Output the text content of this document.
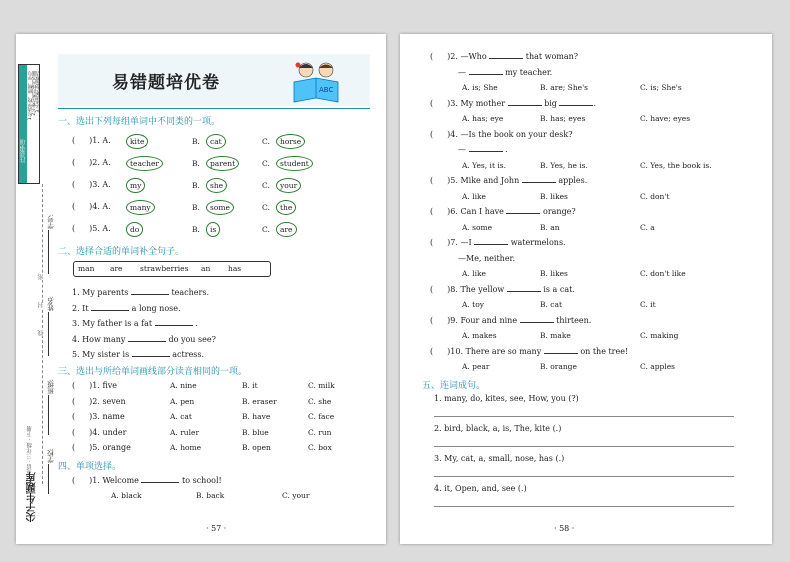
注意事项
1.写清学校、班级、学号 2.不要在密封线内答题 3.字迹清楚,卷面整洁
密
封
线
学号:
姓名:
班级:
学校:
英语 · 三年级 · 下册
尖子生题库
易错题培优卷	ABC
一、选出下列每组单词中不同类的一项。
二、选择合适的单词补全句子。
man are strawberries an has
三、选出与所给单词画线部分读音相同的一项。
四、单项选择。
( )1. Welcome	to school!
A. black	B. back	C. your
· 57 ·
( )1. A.	kite	B.	cat	C.	horse
( )2. A.	teacher	B.	parent	C.	student
( )3. A.	my	B.	she	C.	your
( )4. A.	many	B.	some	C.	the
( )5. A.	do	B.	is	C.	are
1. My parents	teachers.
2. It	a long nose.
3. My father is a fat	.
4. How many	do you see?
5. My sister is	actress.
( )1. five	A. nine	B. it	C. milk
( )2. seven	A. pen	B. eraser	C. she
( )3. name	A. cat	B. have	C. face
( )4. under	A. ruler	B. blue	C. run
( )5. orange	A. home	B. open	C. box
五、连词成句。
· 58 ·
( )2. —Who	that woman?
—	my teacher.
A. is; She	B. are; She's	C. is; She's
( )3. My mother	big	.
A. has; eye	B. has; eyes	C. have; eyes
( )4. —Is the book on your desk?
—	.
A. Yes, it is.	B. Yes, he is.	C. Yes, the book is.
( )5. Mike and John	apples.
A. like	B. likes	C. don't
( )6. Can I have	orange?
A. some	B. an	C. a
( )7. —I	watermelons.
—Me, neither.
A. like	B. likes	C. don't like
( )8. The yellow	is a cat.
A. toy	B. cat	C. it
( )9. Four and nine	thirteen.
A. makes	B. make	C. making
( )10. There are so many	on the tree!
A. pear	B. orange	C. apples
1. many, do, kites, see, How, you (?)
2. bird, black, a, is, The, kite (.)
3. My, cat, a, small, nose, has (.)
4. it, Open, and, see (.)
